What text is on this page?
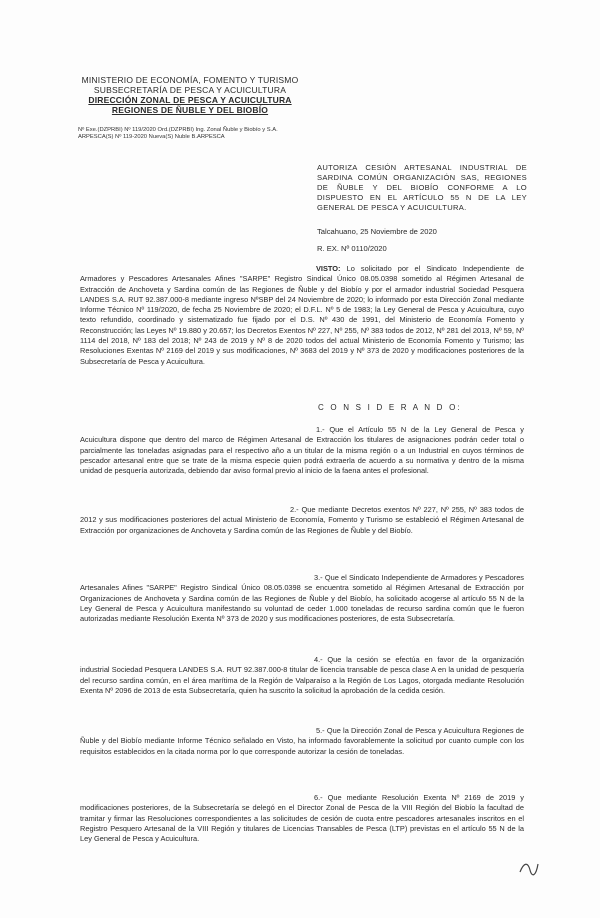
MINISTERIO DE ECONOMÍA, FOMENTO Y TURISMO
SUBSECRETARÍA DE PESCA Y ACUICULTURA
DIRECCIÓN ZONAL DE PESCA Y ACUICULTURA
REGIONES DE ÑUBLE Y DEL BIOBÍO
Nº Exe.(DZPRBI) Nº 119/2020 Ord.(DZPRBI) Ing. Zonal Ñuble y Biobío y S.A. ARPESCA(S) Nº 119-2020 Nueva(S) Nuble B.ARPESCA
AUTORIZA CESIÓN ARTESANAL INDUSTRIAL DE SARDINA COMÚN ORGANIZACIÓN SAS, REGIONES DE ÑUBLE Y DEL BIOBÍO CONFORME A LO DISPUESTO EN EL ARTÍCULO 55 N DE LA LEY GENERAL DE PESCA Y ACUICULTURA.
Talcahuano, 25 Noviembre de 2020
R. EX. Nº 0110/2020
VISTO: Lo solicitado por el Sindicato Independiente de Armadores y Pescadores Artesanales Afines "SARPE" Registro Sindical Único 08.05.0398 sometido al Régimen Artesanal de Extracción de Anchoveta y Sardina común de las Regiones de Ñuble y del Biobío y por el armador industrial Sociedad Pesquera LANDES S.A. RUT 92.387.000-8 mediante ingreso NºSBP del 24 Noviembre de 2020; lo informado por esta Dirección Zonal mediante Informe Técnico Nº 119/2020, de fecha 25 Noviembre de 2020; el D.F.L. Nº 5 de 1983; la Ley General de Pesca y Acuicultura, cuyo texto refundido, coordinado y sistematizado fue fijado por el D.S. Nº 430 de 1991, del Ministerio de Economía Fomento y Reconstrucción; las Leyes Nº 19.880 y 20.657; los Decretos Exentos Nº 227, Nº 255, Nº 383 todos de 2012, Nº 281 del 2013, Nº 59, Nº 1114 del 2018, Nº 183 del 2018; Nº 243 de 2019 y Nº 8 de 2020 todos del actual Ministerio de Economía Fomento y Turismo; las Resoluciones Exentas Nº 2169 del 2019 y sus modificaciones, Nº 3683 del 2019 y Nº 373 de 2020 y modificaciones posteriores de la Subsecretaría de Pesca y Acuicultura.
C O N S I D E R A N D O:
1.- Que el Artículo 55 N de la Ley General de Pesca y Acuicultura dispone que dentro del marco de Régimen Artesanal de Extracción los titulares de asignaciones podrán ceder total o parcialmente las toneladas asignadas para el respectivo año a un titular de la misma región o a un Industrial en cuyos términos de pescador artesanal entre que se trate de la misma especie quien podrá extraerla de acuerdo a su normativa y dentro de la misma unidad de pesquería autorizada, debiendo dar aviso formal previo al inicio de la faena antes el profesional.
2.- Que mediante Decretos exentos Nº 227, Nº 255, Nº 383 todos de 2012 y sus modificaciones posteriores del actual Ministerio de Economía, Fomento y Turismo se estableció el Régimen Artesanal de Extracción por organizaciones de Anchoveta y Sardina común de las Regiones de Ñuble y del Biobío.
3.- Que el Sindicato Independiente de Armadores y Pescadores Artesanales Afines "SARPE" Registro Sindical Único 08.05.0398 se encuentra sometido al Régimen Artesanal de Extracción por Organizaciones de Anchoveta y Sardina común de las Regiones de Ñuble y del Biobío, ha solicitado acogerse al artículo 55 N de la Ley General de Pesca y Acuicultura manifestando su voluntad de ceder 1.000 toneladas de recurso sardina común que le fueron autorizadas mediante Resolución Exenta Nº 373 de 2020 y sus modificaciones posteriores, de esta Subsecretaría.
4.- Que la cesión se efectúa en favor de la organización industrial Sociedad Pesquera LANDES S.A. RUT 92.387.000-8 titular de licencia transable de pesca clase A en la unidad de pesquería del recurso sardina común, en el área marítima de la Región de Valparaíso a la Región de Los Lagos, otorgada mediante Resolución Exenta Nº 2096 de 2013 de esta Subsecretaría, quien ha suscrito la solicitud la aprobación de la cedida cesión.
5.- Que la Dirección Zonal de Pesca y Acuicultura Regiones de Ñuble y del Biobío mediante Informe Técnico señalado en Visto, ha informado favorablemente la solicitud por cuanto cumple con los requisitos establecidos en la citada norma por lo que corresponde autorizar la cesión de toneladas.
6.- Que mediante Resolución Exenta Nº 2169 de 2019 y modificaciones posteriores, de la Subsecretaría se delegó en el Director Zonal de Pesca de la VIII Región del Biobío la facultad de tramitar y firmar las Resoluciones correspondientes a las solicitudes de cesión de cuota entre pescadores artesanales inscritos en el Registro Pesquero Artesanal de la VIII Región y titulares de Licencias Transables de Pesca (LTP) previstas en el artículo 55 N de la Ley General de Pesca y Acuicultura.
